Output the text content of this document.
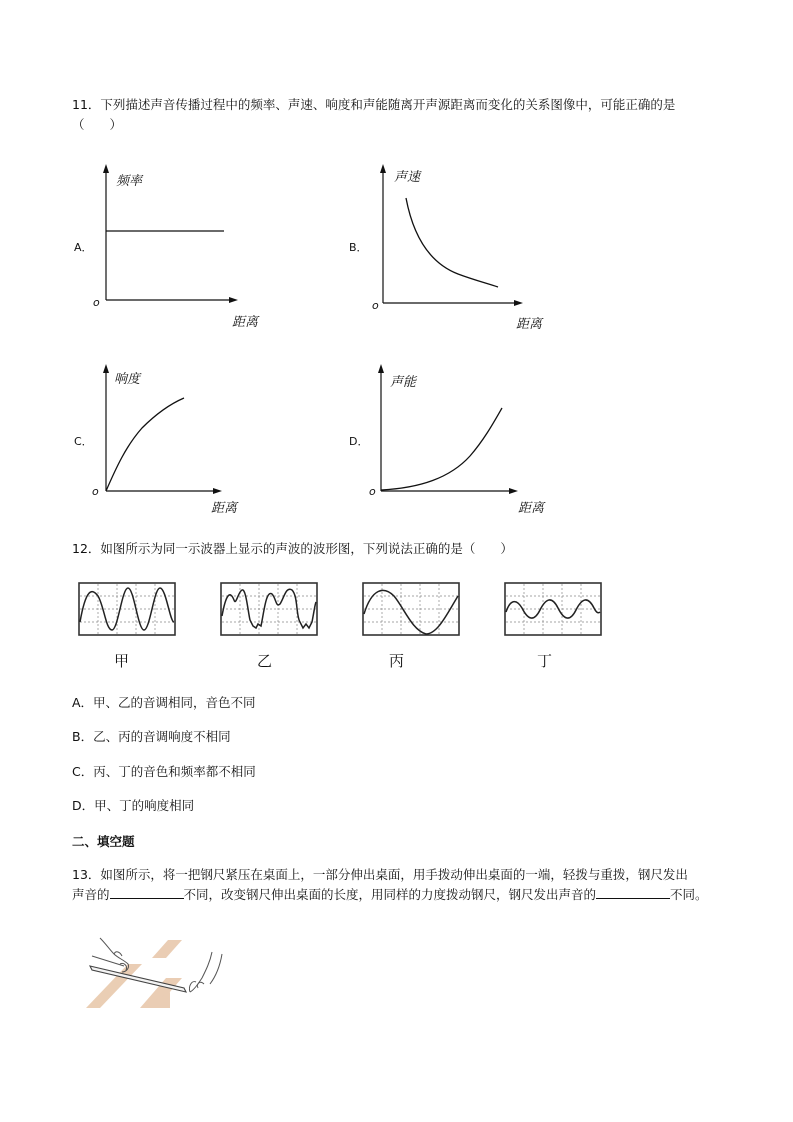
11．下列描述声音传播过程中的频率、声速、响度和声能随离开声源距离而变化的关系图像中，可能正确的是
（　　）
A．
频率
距离
o
B．
声速
距离
o
C．
响度
距离
o
D．
声能
距离
o
12．如图所示为同一示波器上显示的声波的波形图，下列说法正确的是（　　）
甲	乙	丙	丁
A．甲、乙的音调相同，音色不同
B．乙、丙的音调响度不相同
C．丙、丁的音色和频率都不相同
D．甲、丁的响度相同
二、填空题
13．如图所示，将一把钢尺紧压在桌面上，一部分伸出桌面，用手拨动伸出桌面的一端，轻拨与重拨，钢尺发出
声音的	不同，改变钢尺伸出桌面的长度，用同样的力度拨动钢尺，钢尺发出声音的	不同。
